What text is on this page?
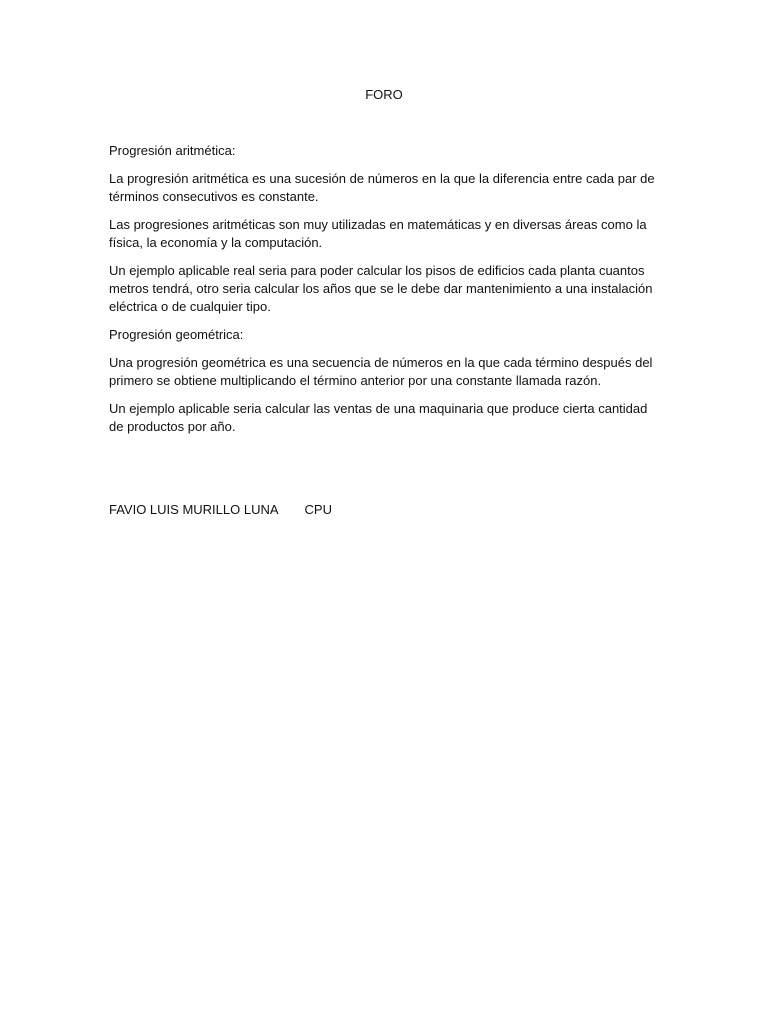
FORO

Progresión aritmética:

La progresión aritmética es una sucesión de números en la que la diferencia entre cada par de términos consecutivos es constante.

Las progresiones aritméticas son muy utilizadas en matemáticas y en diversas áreas como la física, la economía y la computación.

Un ejemplo aplicable real seria para poder calcular los pisos de edificios cada planta cuantos metros tendrá, otro seria calcular los años que se le debe dar mantenimiento a una instalación eléctrica o de cualquier tipo.

Progresión geométrica:

Una progresión geométrica es una secuencia de números en la que cada término después del primero se obtiene multiplicando el término anterior por una constante llamada razón.

Un ejemplo aplicable seria calcular las ventas de una maquinaria que produce cierta cantidad de productos por año.

FAVIO LUIS MURILLO LUNA CPU
